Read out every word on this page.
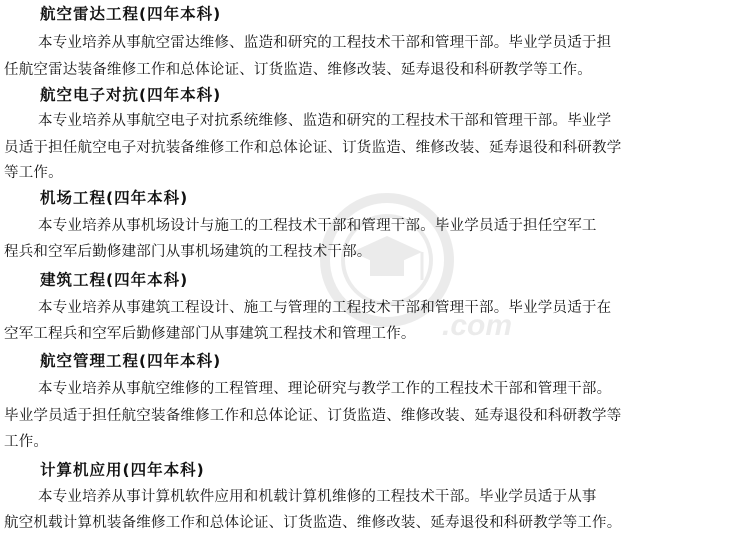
.com
航空雷达工程(四年本科)
本专业培养从事航空雷达维修、监造和研究的工程技术干部和管理干部。毕业学员适于担
任航空雷达装备维修工作和总体论证、订货监造、维修改装、延寿退役和科研教学等工作。
航空电子对抗(四年本科)
本专业培养从事航空电子对抗系统维修、监造和研究的工程技术干部和管理干部。毕业学
员适于担任航空电子对抗装备维修工作和总体论证、订货监造、维修改装、延寿退役和科研教学
等工作。
机场工程(四年本科)
本专业培养从事机场设计与施工的工程技术干部和管理干部。毕业学员适于担任空军工
程兵和空军后勤修建部门从事机场建筑的工程技术干部。
建筑工程(四年本科)
本专业培养从事建筑工程设计、施工与管理的工程技术干部和管理干部。毕业学员适于在
空军工程兵和空军后勤修建部门从事建筑工程技术和管理工作。
航空管理工程(四年本科)
本专业培养从事航空维修的工程管理、理论研究与教学工作的工程技术干部和管理干部。
毕业学员适于担任航空装备维修工作和总体论证、订货监造、维修改装、延寿退役和科研教学等
工作。
计算机应用(四年本科)
本专业培养从事计算机软件应用和机载计算机维修的工程技术干部。毕业学员适于从事
航空机载计算机装备维修工作和总体论证、订货监造、维修改装、延寿退役和科研教学等工作。
